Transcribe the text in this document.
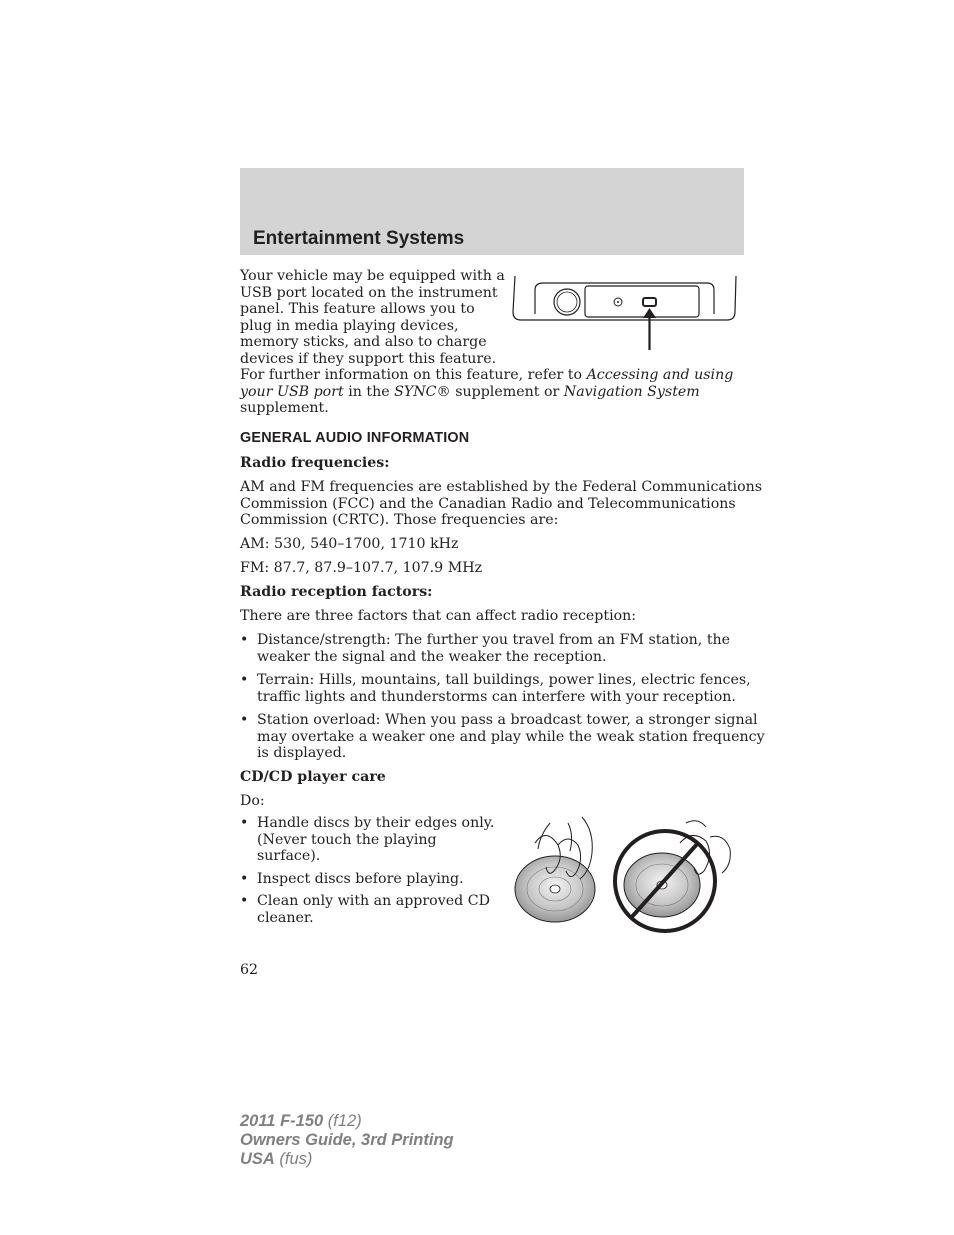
Entertainment Systems
Your vehicle may be equipped with a
USB port located on the instrument
panel. This feature allows you to
plug in media playing devices,
memory sticks, and also to charge
devices if they support this feature.
For further information on this feature, refer to Accessing and using
your USB port in the SYNC® supplement or Navigation System
supplement.
GENERAL AUDIO INFORMATION
Radio frequencies:
AM and FM frequencies are established by the Federal Communications
Commission (FCC) and the Canadian Radio and Telecommunications
Commission (CRTC). Those frequencies are:
AM: 530, 540–1700, 1710 kHz
FM: 87.7, 87.9–107.7, 107.9 MHz
Radio reception factors:
There are three factors that can affect radio reception:
• Distance/strength: The further you travel from an FM station, the
weaker the signal and the weaker the reception.
• Terrain: Hills, mountains, tall buildings, power lines, electric fences,
traffic lights and thunderstorms can interfere with your reception.
• Station overload: When you pass a broadcast tower, a stronger signal
may overtake a weaker one and play while the weak station frequency
is displayed.
CD/CD player care
Do:
• Handle discs by their edges only.
(Never touch the playing
surface).
• Inspect discs before playing.
• Clean only with an approved CD
cleaner.
62
2011 F-150 (f12)
Owners Guide, 3rd Printing
USA (fus)
